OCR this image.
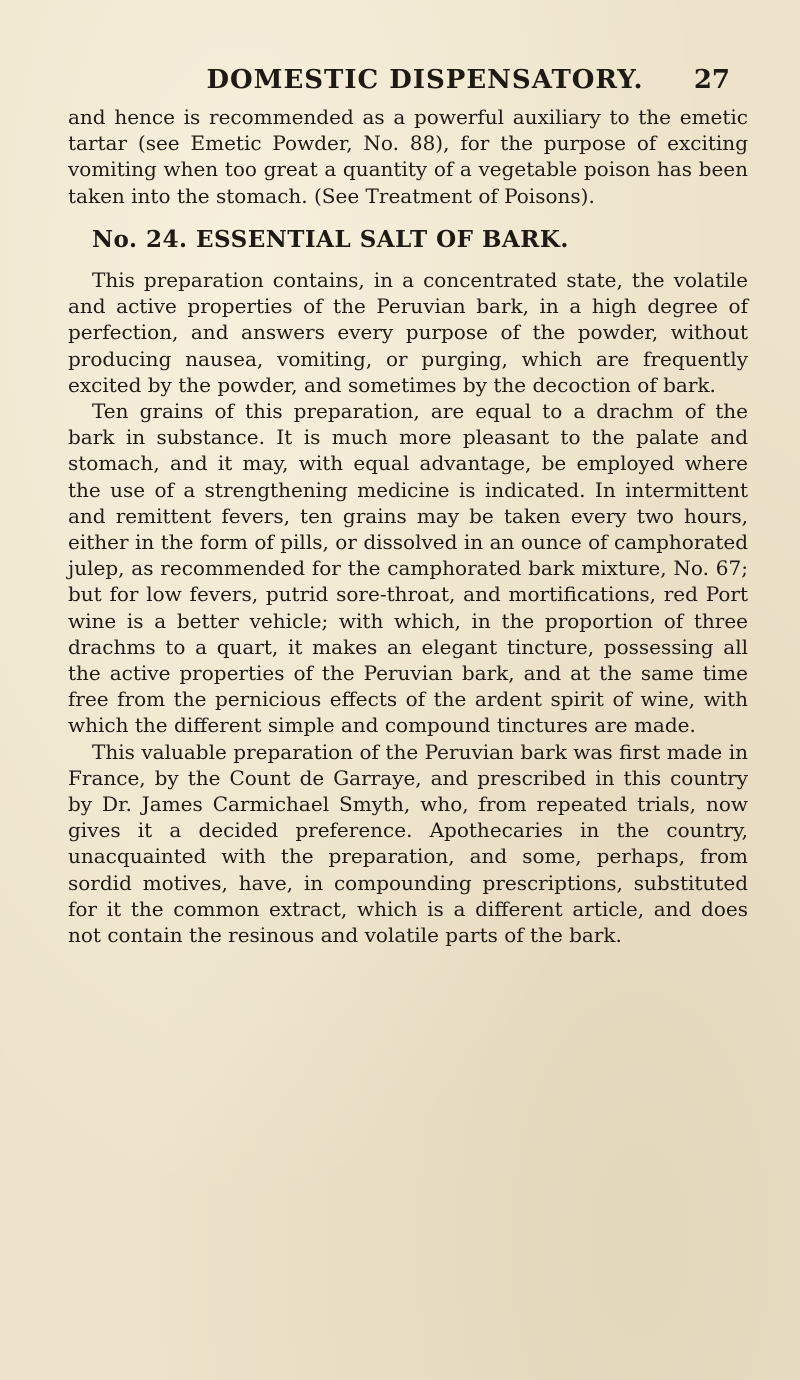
DOMESTIC DISPENSATORY.	27

and hence is recommended as a powerful auxiliary to the emetic tartar (see Emetic Powder, No. 88), for the purpose of exciting vomiting when too great a quantity of a vegetable poison has been taken into the stomach. (See Treatment of Poisons).

No. 24. ESSENTIAL SALT OF BARK.

This preparation contains, in a concentrated state, the volatile and active properties of the Peruvian bark, in a high degree of perfection, and answers every purpose of the powder, without producing nausea, vomiting, or purging, which are frequently excited by the powder, and sometimes by the decoction of bark.

Ten grains of this preparation, are equal to a drachm of the bark in substance. It is much more pleasant to the palate and stomach, and it may, with equal advantage, be employed where the use of a strengthening medicine is indicated. In intermittent and remittent fevers, ten grains may be taken every two hours, either in the form of pills, or dissolved in an ounce of camphorated julep, as recommended for the camphorated bark mixture, No. 67; but for low fevers, putrid sore-throat, and mortifications, red Port wine is a better vehicle; with which, in the proportion of three drachms to a quart, it makes an elegant tincture, possessing all the active properties of the Peruvian bark, and at the same time free from the pernicious effects of the ardent spirit of wine, with which the different simple and compound tinctures are made.

This valuable preparation of the Peruvian bark was first made in France, by the Count de Garraye, and prescribed in this country by Dr. James Carmichael Smyth, who, from repeated trials, now gives it a decided preference. Apothecaries in the country, unacquainted with the preparation, and some, perhaps, from sordid motives, have, in compounding prescriptions, substituted for it the common extract, which is a different article, and does not contain the resinous and volatile parts of the bark.
